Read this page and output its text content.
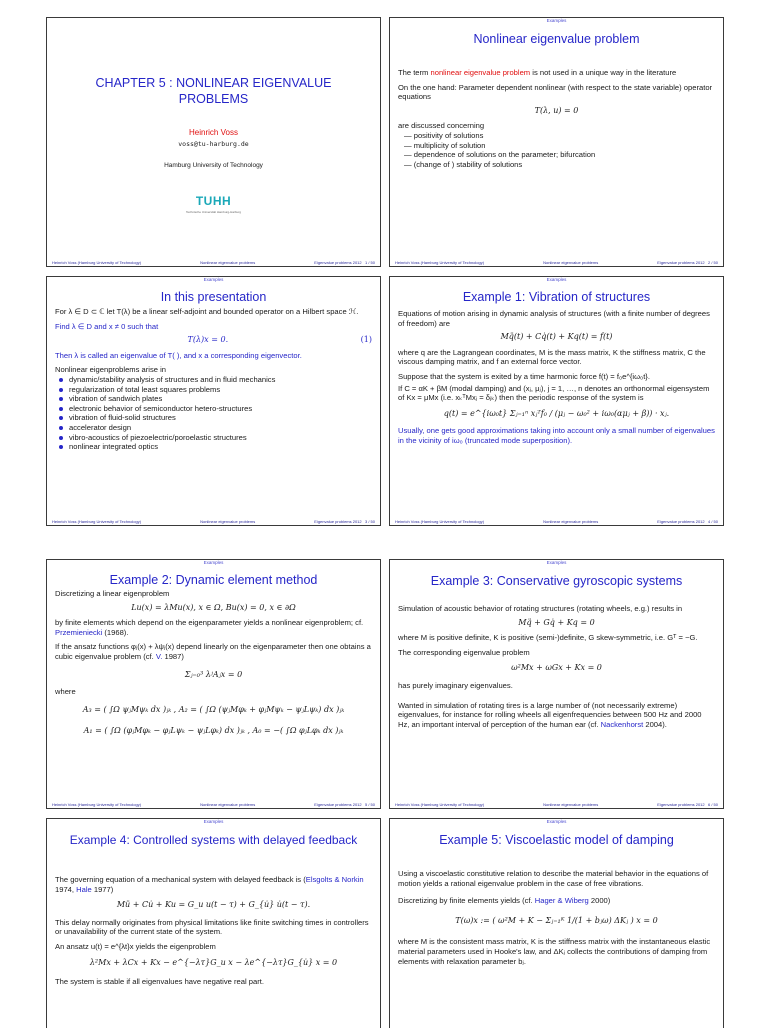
CHAPTER 5 : NONLINEAR EIGENVALUE PROBLEMS
Heinrich Voss
voss@tu-harburg.de
Hamburg University of Technology
TUHH
Technische Universität Hamburg-Harburg
Heinrich Voss (Hamburg University of Technology)	Nonlinear eigenvalue problems	Eigenvalue problems 2012 1 / 50
Examples
Nonlinear eigenvalue problem

The term nonlinear eigenvalue problem is not used in a unique way in the literature

On the one hand: Parameter dependent nonlinear (with respect to the state variable) operator equations

T(λ, u) = 0

are discussed concerning

— positivity of solutions
— multiplicity of solution
— dependence of solutions on the parameter; bifurcation
— (change of ) stability of solutions
Heinrich Voss (Hamburg University of Technology)	Nonlinear eigenvalue problems	Eigenvalue problems 2012 2 / 50
Examples
In this presentation

For λ ∈ D ⊂ ℂ let T(λ) be a linear self-adjoint and bounded operator on a Hilbert space ℋ.

Find λ ∈ D and x ≠ 0 such that

T(λ)x = 0.	(1)

Then λ is called an eigenvalue of T( ), and x a corresponding eigenvector.

Nonlinear eigenproblems arise in

dynamic/stability analysis of structures and in fluid mechanics
regularization of total least squares problems
vibration of sandwich plates
electronic behavior of semiconductor hetero-structures
vibration of fluid-solid structures
accelerator design
vibro-acoustics of piezoelectric/poroelastic structures
nonlinear integrated optics
Heinrich Voss (Hamburg University of Technology)	Nonlinear eigenvalue problems	Eigenvalue problems 2012 3 / 50
Examples
Example 1: Vibration of structures

Equations of motion arising in dynamic analysis of structures (with a finite number of degrees of freedom) are

Mq̈(t) + Cq̇(t) + Kq(t) = f(t)

where q are the Lagrangean coordinates, M is the mass matrix, K the stiffness matrix, C the viscous damping matrix, and f an external force vector.

Suppose that the system is exited by a time harmonic force f(t) = f₀e^{iω₀t}.

If C = αK + βM (modal damping) and (xⱼ, μⱼ), j = 1, …, n denotes an orthonormal eigensystem of Kx = μMx (i.e. xₖᵀMxⱼ = δⱼₖ) then the periodic response of the system is

q(t) = e^{iω₀t} Σⱼ₌₁ⁿ xⱼᵀf₀ / (μⱼ − ω₀² + iω₀(αμⱼ + β)) · xⱼ.

Usually, one gets good approximations taking into account only a small number of eigenvalues in the vicinity of iω₀ (truncated mode superposition).

Heinrich Voss (Hamburg University of Technology)	Nonlinear eigenvalue problems	Eigenvalue problems 2012 4 / 50
Examples
Example 2: Dynamic element method

Discretizing a linear eigenproblem

Lu(x) = λMu(x), x ∈ Ω, Bu(x) = 0, x ∈ ∂Ω

by finite elements which depend on the eigenparameter yields a nonlinear eigenproblem; cf. Przemieniecki (1968).

If the ansatz functions φⱼ(x) + λψⱼ(x) depend linearly on the eigenparameter then one obtains a cubic eigenvalue problem (cf. V. 1987)

Σⱼ₌₀³ λʲAⱼx = 0

where

A₃ = ( ∫Ω ψⱼMψₖ dx )ⱼₖ , A₂ = ( ∫Ω (ψⱼMφₖ + φⱼMψₖ − ψⱼLψₖ) dx )ⱼₖ
A₁ = ( ∫Ω (φⱼMφₖ − φⱼLψₖ − ψⱼLφₖ) dx )ⱼₖ , A₀ = −( ∫Ω φⱼLφₖ dx )ⱼₖ
Heinrich Voss (Hamburg University of Technology)	Nonlinear eigenvalue problems	Eigenvalue problems 2012 5 / 50
Examples
Example 3: Conservative gyroscopic systems

Simulation of acoustic behavior of rotating structures (rotating wheels, e.g.) results in

Mq̈ + Gq̇ + Kq = 0

where M is positive definite, K is positive (semi-)definite, G skew-symmetric, i.e. Gᵀ = −G.

The corresponding eigenvalue problem

ω²Mx + ωGx + Kx = 0

has purely imaginary eigenvalues.

Wanted in simulation of rotating tires is a large number of (not necessarily extreme) eigenvalues, for instance for rolling wheels all eigenfrequencies between 500 Hz and 2000 Hz, an important interval of perception of the human ear (cf. Nackenhorst 2004).

Heinrich Voss (Hamburg University of Technology)	Nonlinear eigenvalue problems	Eigenvalue problems 2012 6 / 50
Examples
Example 4: Controlled systems with delayed feedback

The governing equation of a mechanical system with delayed feedback is (Elsgolts & Norkin 1974, Hale 1977)

Mü + Cu̇ + Ku = G_u u(t − τ) + G_{u̇} u̇(t − τ).

This delay normally originates from physical limitations like finite switching times in controllers or unavailability of the current state of the system.

An ansatz u(t) = e^{λt}x yields the eigenproblem

λ²Mx + λCx + Kx − e^{−λτ}G_u x − λe^{−λτ}G_{u̇} x = 0

The system is stable if all eigenvalues have negative real part.

Examples
Example 5: Viscoelastic model of damping

Using a viscoelastic constitutive relation to describe the material behavior in the equations of motion yields a rational eigenvalue problem in the case of free vibrations.

Discretizing by finite elements yields (cf. Hager & Wiberg 2000)

T(ω)x := ( ω²M + K − Σⱼ₌₁ᴷ 1/(1 + bⱼω) ΔKⱼ ) x = 0

where M is the consistent mass matrix, K is the stiffness matrix with the instantaneous elastic material parameters used in Hooke's law, and ΔKⱼ collects the contributions of damping from elements with relaxation parameter bⱼ.
